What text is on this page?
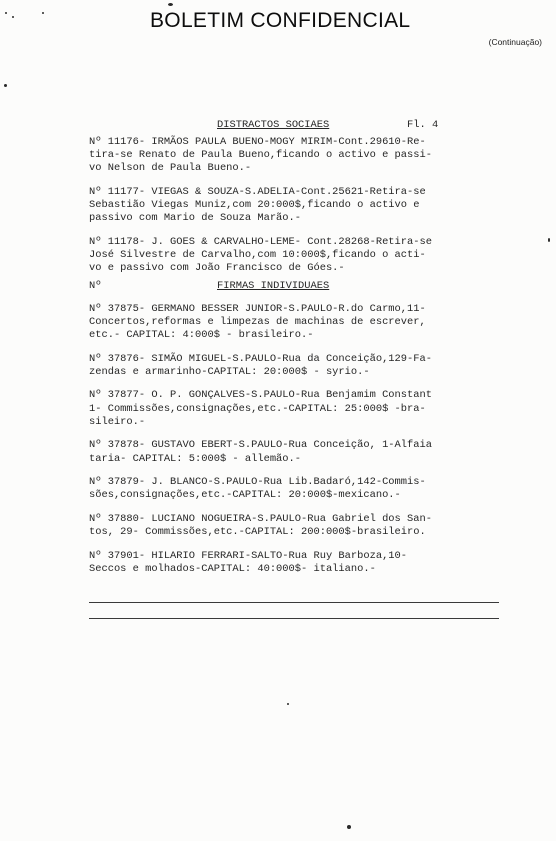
BOLETIM CONFIDENCIAL
(Continuação)
DISTRACTOS SOCIAES	Fl. 4
Nº 11176- IRMÃOS PAULA BUENO-MOGY MIRIM-Cont.29610-Re-
tira-se Renato de Paula Bueno,ficando o activo e passi-
vo Nelson de Paula Bueno.-
Nº 11177- VIEGAS & SOUZA-S.ADELIA-Cont.25621-Retira-se
Sebastião Viegas Muniz,com 20:000$,ficando o activo e
passivo com Mario de Souza Marão.-
Nº 11178- J. GOES & CARVALHO-LEME- Cont.28268-Retira-se
José Silvestre de Carvalho,com 10:000$,ficando o acti-
vo e passivo com João Francisco de Góes.-
Nº	FIRMAS INDIVIDUAES
Nº 37875- GERMANO BESSER JUNIOR-S.PAULO-R.do Carmo,11-
Concertos,reformas e limpezas de machinas de escrever,
etc.- CAPITAL: 4:000$ - brasileiro.-
Nº 37876- SIMÃO MIGUEL-S.PAULO-Rua da Conceição,129-Fa-
zendas e armarinho-CAPITAL: 20:000$ - syrio.-
Nº 37877- O. P. GONÇALVES-S.PAULO-Rua Benjamim Constant
1- Commissões,consignações,etc.-CAPITAL: 25:000$ -bra-
sileiro.-
Nº 37878- GUSTAVO EBERT-S.PAULO-Rua Conceição, 1-Alfaia
taria- CAPITAL: 5:000$ - allemão.-
Nº 37879- J. BLANCO-S.PAULO-Rua Lib.Badaró,142-Commis-
sões,consignações,etc.-CAPITAL: 20:000$-mexicano.-
Nº 37880- LUCIANO NOGUEIRA-S.PAULO-Rua Gabriel dos San-
tos, 29- Commissões,etc.-CAPITAL: 200:000$-brasileiro.
Nº 37901- HILARIO FERRARI-SALTO-Rua Ruy Barboza,10-
Seccos e molhados-CAPITAL: 40:000$- italiano.-
